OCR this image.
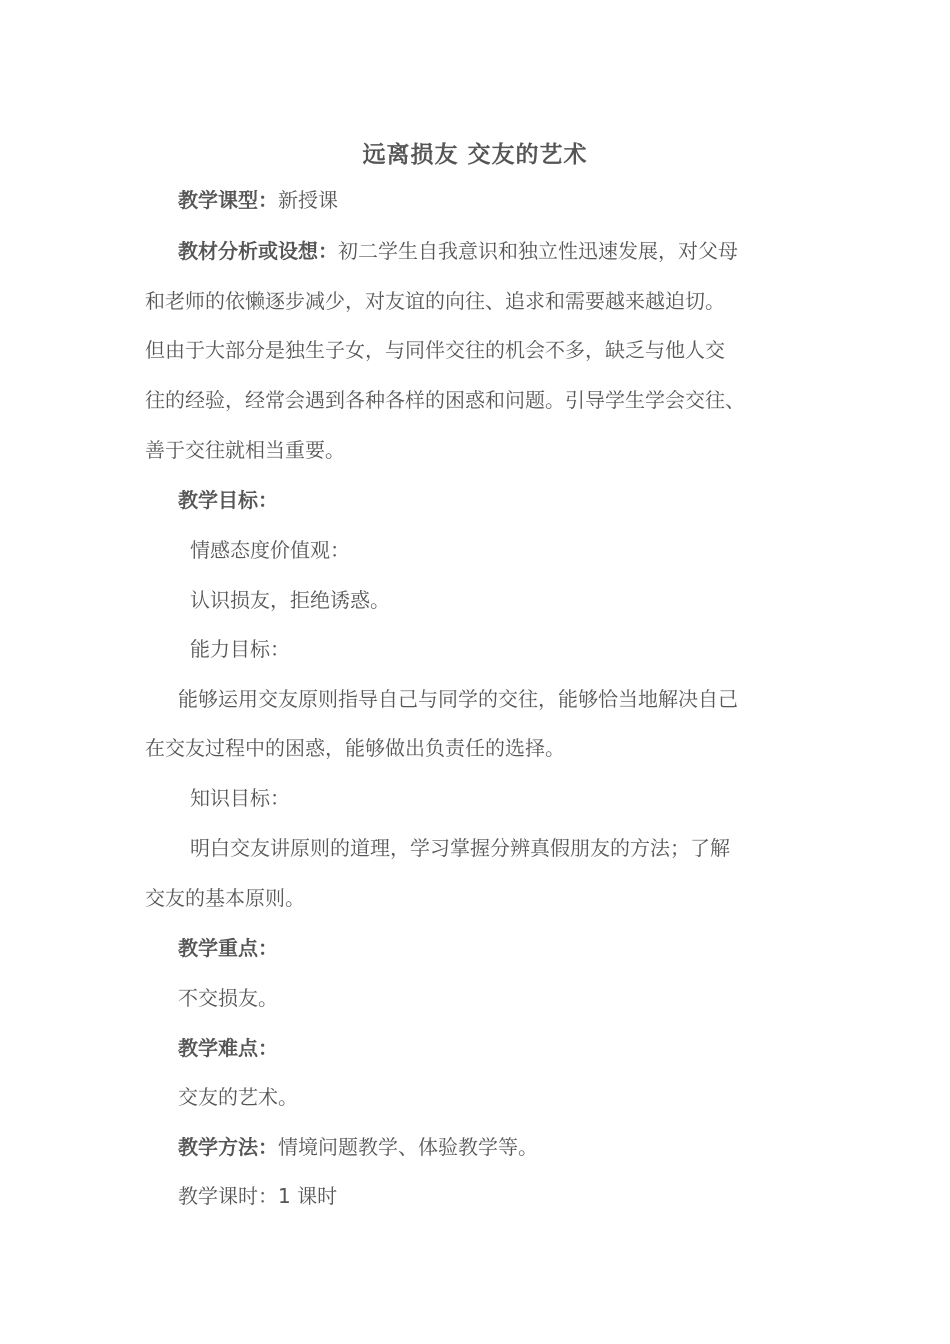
远离损友 交友的艺术
教学课型：新授课
教材分析或设想：初二学生自我意识和独立性迅速发展，对父母
和老师的依懒逐步减少，对友谊的向往、追求和需要越来越迫切。
但由于大部分是独生子女，与同伴交往的机会不多，缺乏与他人交
往的经验，经常会遇到各种各样的困惑和问题。引导学生学会交往、
善于交往就相当重要。
教学目标：
情感态度价值观：
认识损友，拒绝诱惑。
能力目标：
能够运用交友原则指导自己与同学的交往，能够恰当地解决自己
在交友过程中的困惑，能够做出负责任的选择。
知识目标：
明白交友讲原则的道理，学习掌握分辨真假朋友的方法；了解
交友的基本原则。
教学重点：
不交损友。
教学难点：
交友的艺术。
教学方法：情境问题教学、体验教学等。
教学课时：1 课时
